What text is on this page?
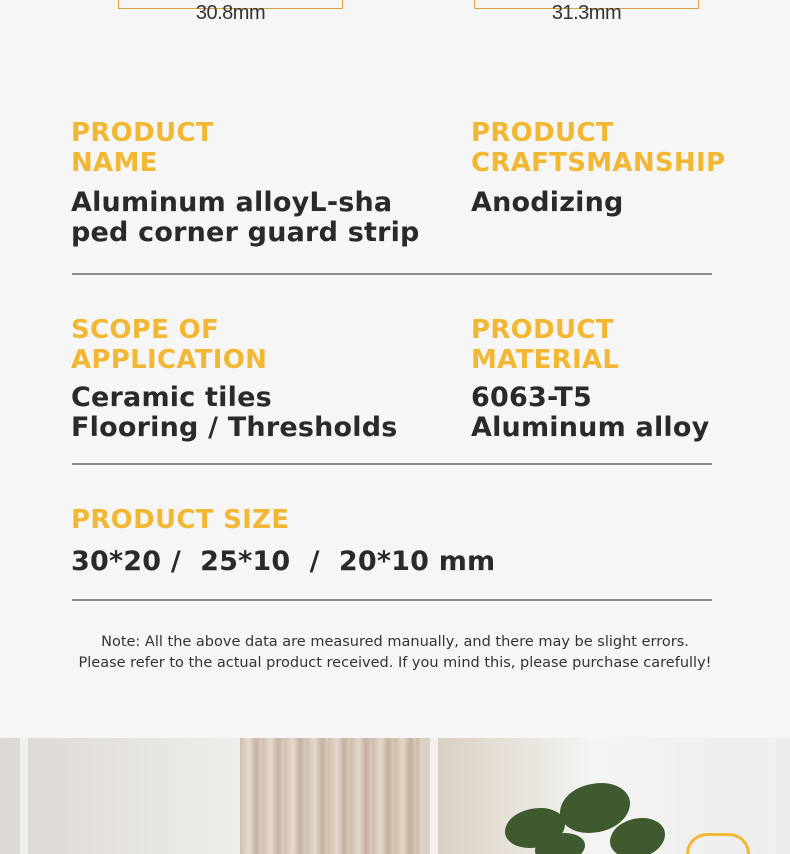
30.8mm	31.3mm
PRODUCT
NAME
Aluminum alloyL-sha
ped corner guard strip
PRODUCT
CRAFTSMANSHIP
Anodizing
SCOPE OF
APPLICATION
Ceramic tiles
Flooring / Thresholds
PRODUCT
MATERIAL
6063-T5
Aluminum alloy
PRODUCT SIZE
30*20 /  25*10  /  20*10 mm
Note: All the above data are measured manually, and there may be slight errors.
Please refer to the actual product received. If you mind this, please purchase carefully!
